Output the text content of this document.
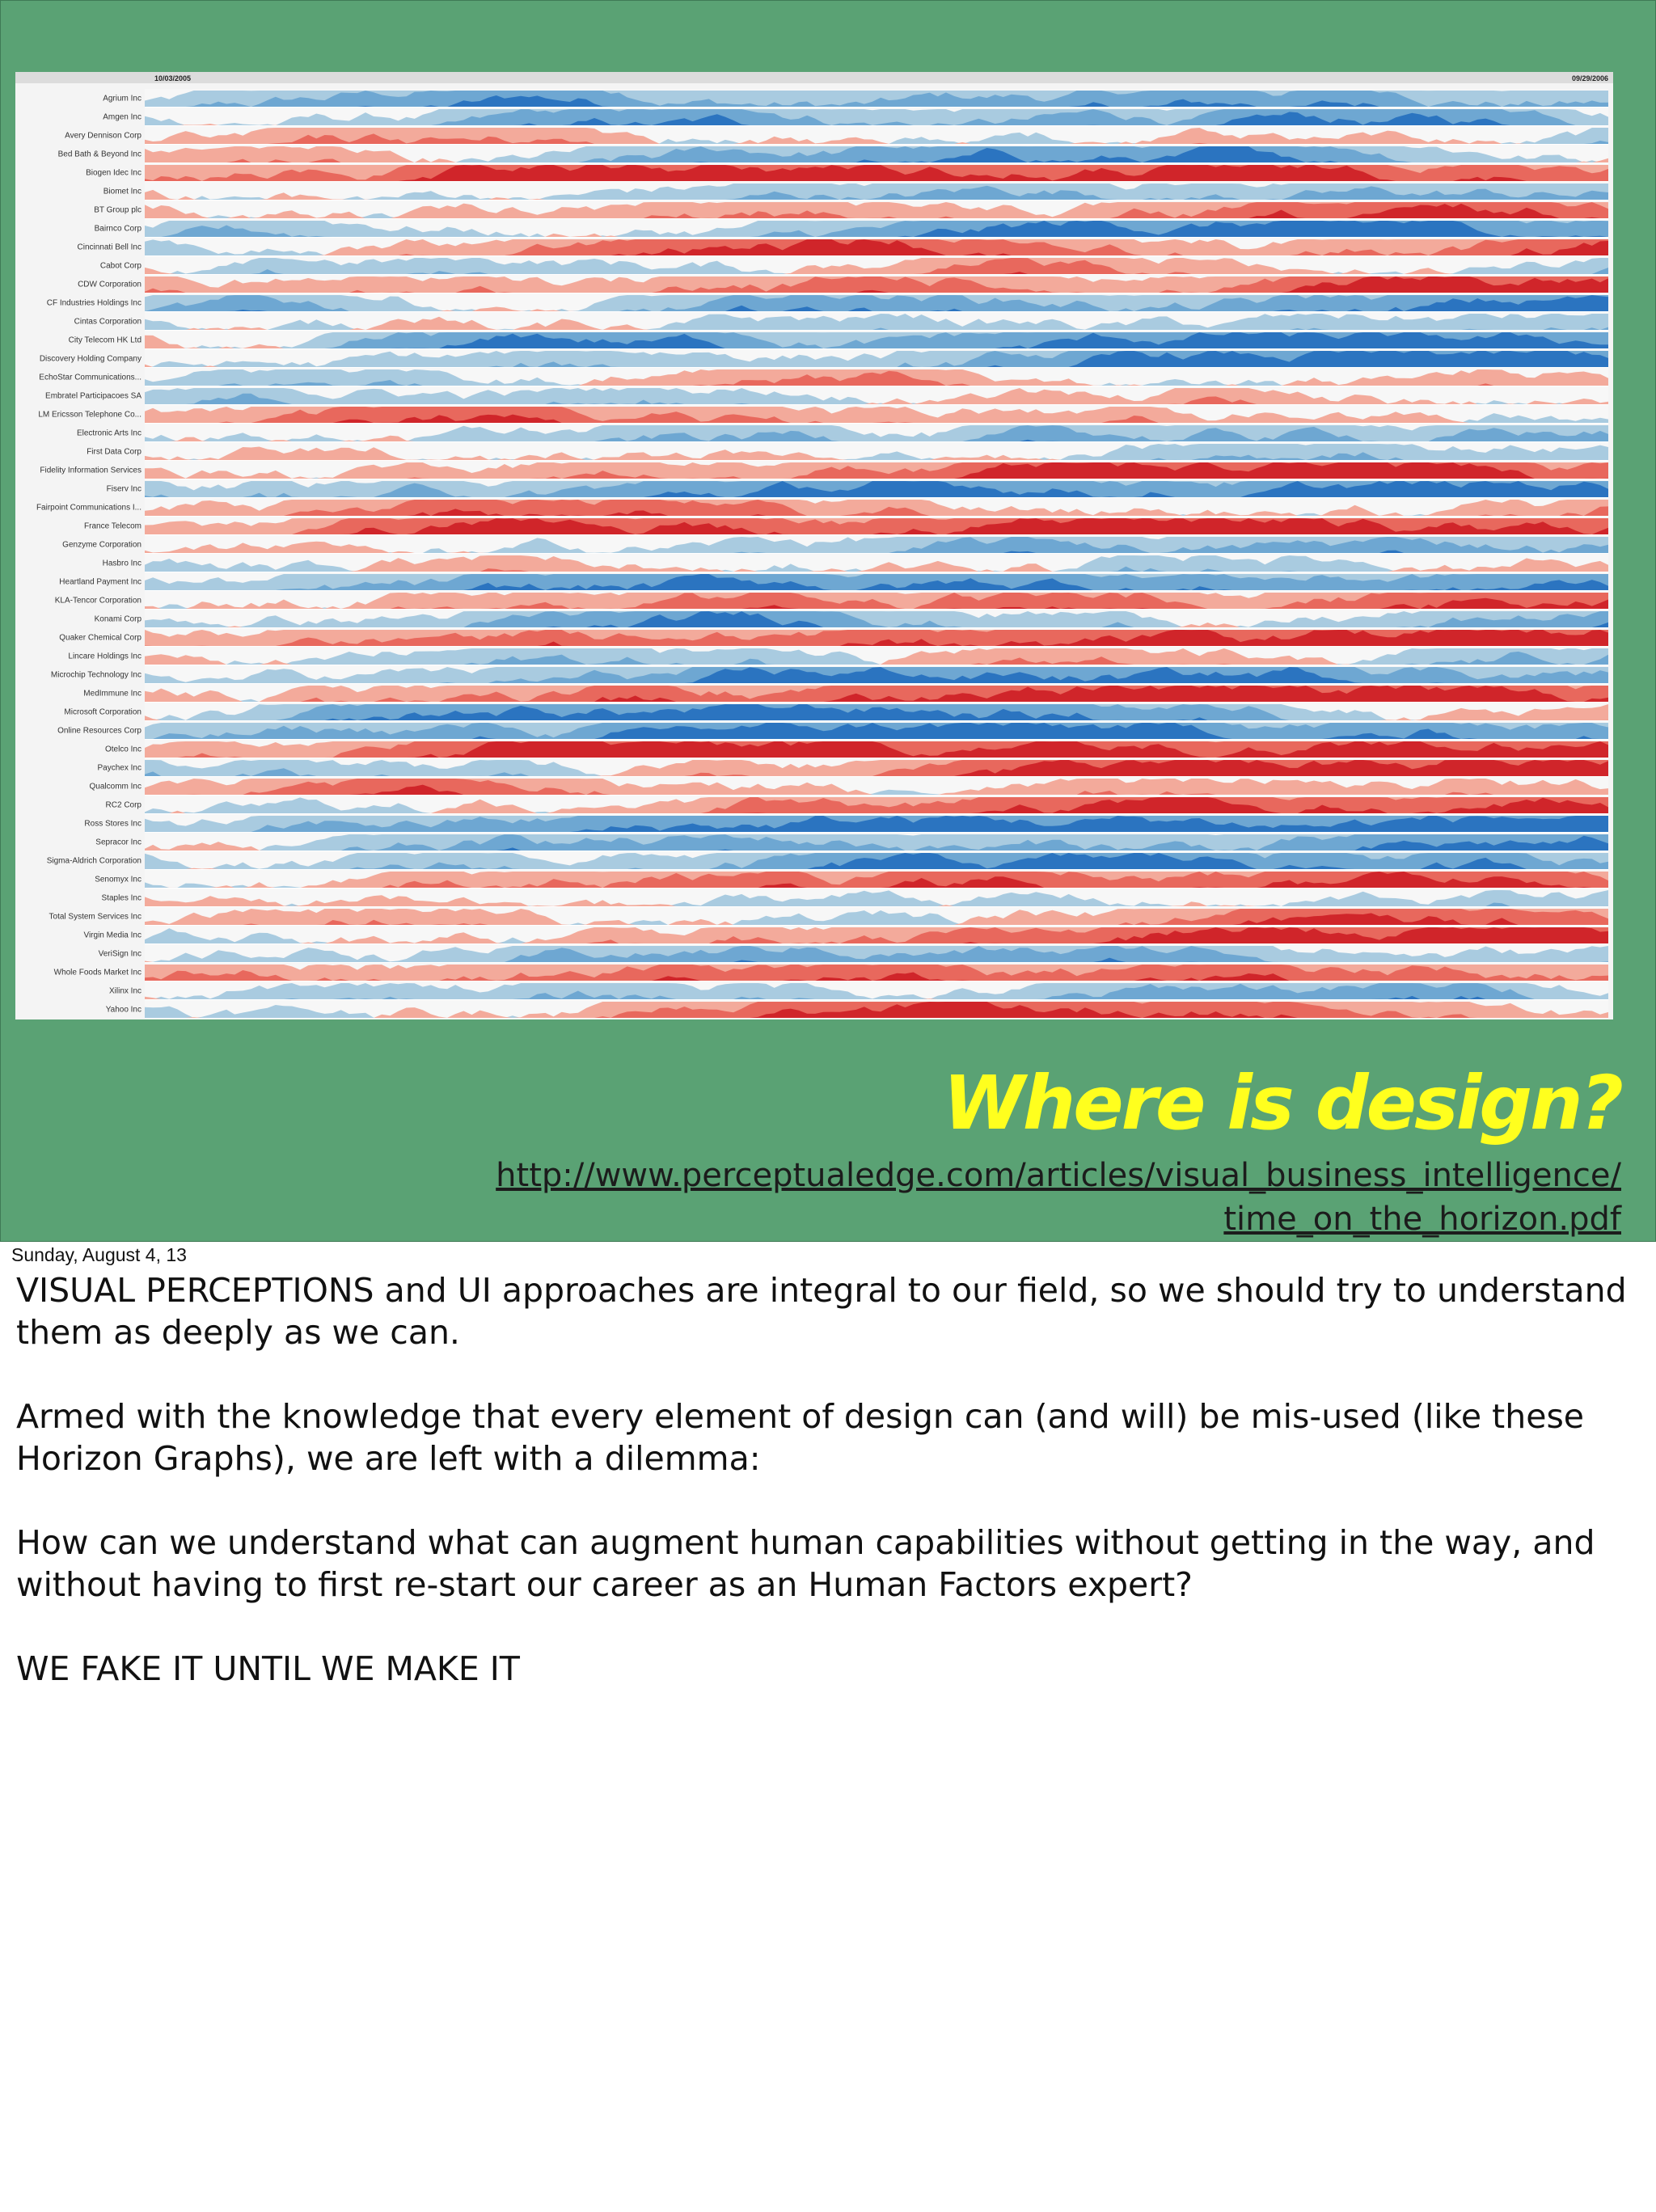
10/03/2005	09/29/2006
Agrium Inc
Amgen Inc
Avery Dennison Corp
Bed Bath & Beyond Inc
Biogen Idec Inc
Biomet Inc
BT Group plc
Bairnco Corp
Cincinnati Bell Inc
Cabot Corp
CDW Corporation
CF Industries Holdings Inc
Cintas Corporation
City Telecom HK Ltd
Discovery Holding Company
EchoStar Communications...
Embratel Participacoes SA
LM Ericsson Telephone Co...
Electronic Arts Inc
First Data Corp
Fidelity Information Services
Fiserv Inc
Fairpoint Communications I...
France Telecom
Genzyme Corporation
Hasbro Inc
Heartland Payment Inc
KLA-Tencor Corporation
Konami Corp
Quaker Chemical Corp
Lincare Holdings Inc
Microchip Technology Inc
MedImmune Inc
Microsoft Corporation
Online Resources Corp
Otelco Inc
Paychex Inc
Qualcomm Inc
RC2 Corp
Ross Stores Inc
Sepracor Inc
Sigma-Aldrich Corporation
Senomyx Inc
Staples Inc
Total System Services Inc
Virgin Media Inc
VeriSign Inc
Whole Foods Market Inc
Xilinx Inc
Yahoo Inc
Where is design?
http://www.perceptualedge.com/articles/visual_business_intelligence/
time_on_the_horizon.pdf
Sunday, August 4, 13

VISUAL PERCEPTIONS and UI approaches are integral to our field, so we should try to understand them as deeply as we can.

Armed with the knowledge that every element of design can (and will) be mis-used (like these Horizon Graphs), we are left with a dilemma:

How can we understand what can augment human capabilities without getting in the way, and without having to first re-start our career as an Human Factors expert?

WE FAKE IT UNTIL WE MAKE IT
